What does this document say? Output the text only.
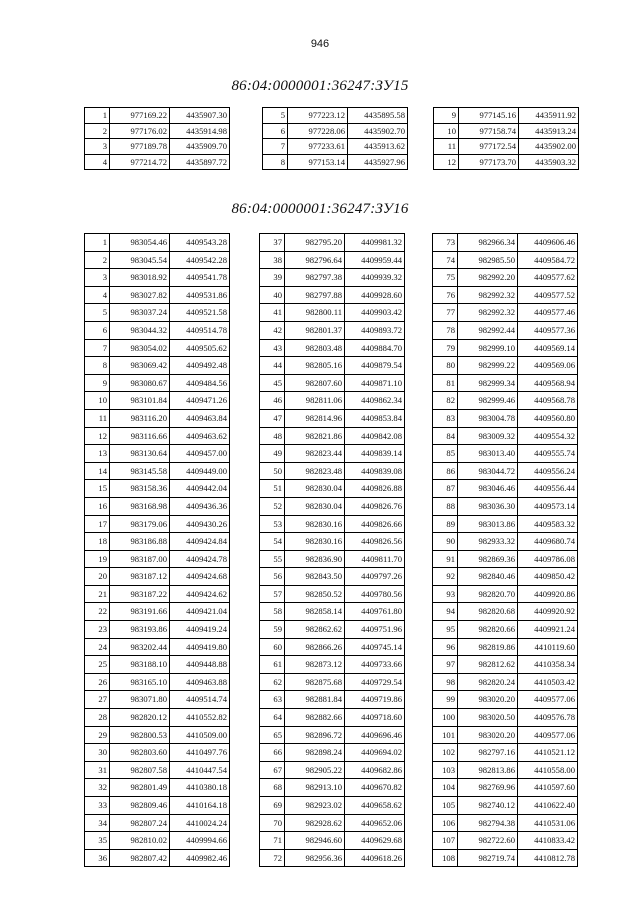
946
86:04:0000001:36247:ЗУ15
1	977169.22	4435907.30
2	977176.02	4435914.98
3	977189.78	4435909.70
4	977214.72	4435897.72
5	977223.12	4435895.58
6	977228.06	4435902.70
7	977233.61	4435913.62
8	977153.14	4435927.96
9	977145.16	4435911.92
10	977158.74	4435913.24
11	977172.54	4435902.00
12	977173.70	4435903.32
86:04:0000001:36247:ЗУ16
1	983054.46	4409543.28
2	983045.54	4409542.28
3	983018.92	4409541.78
4	983027.82	4409531.86
5	983037.24	4409521.58
6	983044.32	4409514.78
7	983054.02	4409505.62
8	983069.42	4409492.48
9	983080.67	4409484.56
10	983101.84	4409471.26
11	983116.20	4409463.84
12	983116.66	4409463.62
13	983130.64	4409457.00
14	983145.58	4409449.00
15	983158.36	4409442.04
16	983168.98	4409436.36
17	983179.06	4409430.26
18	983186.88	4409424.84
19	983187.00	4409424.78
20	983187.12	4409424.68
21	983187.22	4409424.62
22	983191.66	4409421.04
23	983193.86	4409419.24
24	983202.44	4409419.80
25	983188.10	4409448.88
26	983165.10	4409463.88
27	983071.80	4409514.74
28	982820.12	4410552.82
29	982800.53	4410509.00
30	982803.60	4410497.76
31	982807.58	4410447.54
32	982801.49	4410380.18
33	982809.46	4410164.18
34	982807.24	4410024.24
35	982810.02	4409994.66
36	982807.42	4409982.46
37	982795.20	4409981.32
38	982796.64	4409959.44
39	982797.38	4409939.32
40	982797.88	4409928.60
41	982800.11	4409903.42
42	982801.37	4409893.72
43	982803.48	4409884.70
44	982805.16	4409879.54
45	982807.60	4409871.10
46	982811.06	4409862.34
47	982814.96	4409853.84
48	982821.86	4409842.08
49	982823.44	4409839.14
50	982823.48	4409839.08
51	982830.04	4409826.88
52	982830.04	4409826.76
53	982830.16	4409826.66
54	982830.16	4409826.56
55	982836.90	4409811.70
56	982843.50	4409797.26
57	982850.52	4409780.56
58	982858.14	4409761.80
59	982862.62	4409751.96
60	982866.26	4409745.14
61	982873.12	4409733.66
62	982875.68	4409729.54
63	982881.84	4409719.86
64	982882.66	4409718.60
65	982896.72	4409696.46
66	982898.24	4409694.02
67	982905.22	4409682.86
68	982913.10	4409670.82
69	982923.02	4409658.62
70	982928.62	4409652.06
71	982946.60	4409629.68
72	982956.36	4409618.26
73	982966.34	4409606.46
74	982985.50	4409584.72
75	982992.20	4409577.62
76	982992.32	4409577.52
77	982992.32	4409577.46
78	982992.44	4409577.36
79	982999.10	4409569.14
80	982999.22	4409569.06
81	982999.34	4409568.94
82	982999.46	4409568.78
83	983004.78	4409560.80
84	983009.32	4409554.32
85	983013.40	4409555.74
86	983044.72	4409556.24
87	983046.46	4409556.44
88	983036.30	4409573.14
89	983013.86	4409583.32
90	982933.32	4409680.74
91	982869.36	4409786.08
92	982840.46	4409850.42
93	982820.70	4409920.86
94	982820.68	4409920.92
95	982820.66	4409921.24
96	982819.86	4410119.60
97	982812.62	4410358.34
98	982820.24	4410503.42
99	983020.20	4409577.06
100	983020.50	4409576.78
101	983020.20	4409577.06
102	982797.16	4410521.12
103	982813.86	4410558.00
104	982769.96	4410597.60
105	982740.12	4410622.40
106	982794.38	4410531.06
107	982722.60	4410833.42
108	982719.74	4410812.78
